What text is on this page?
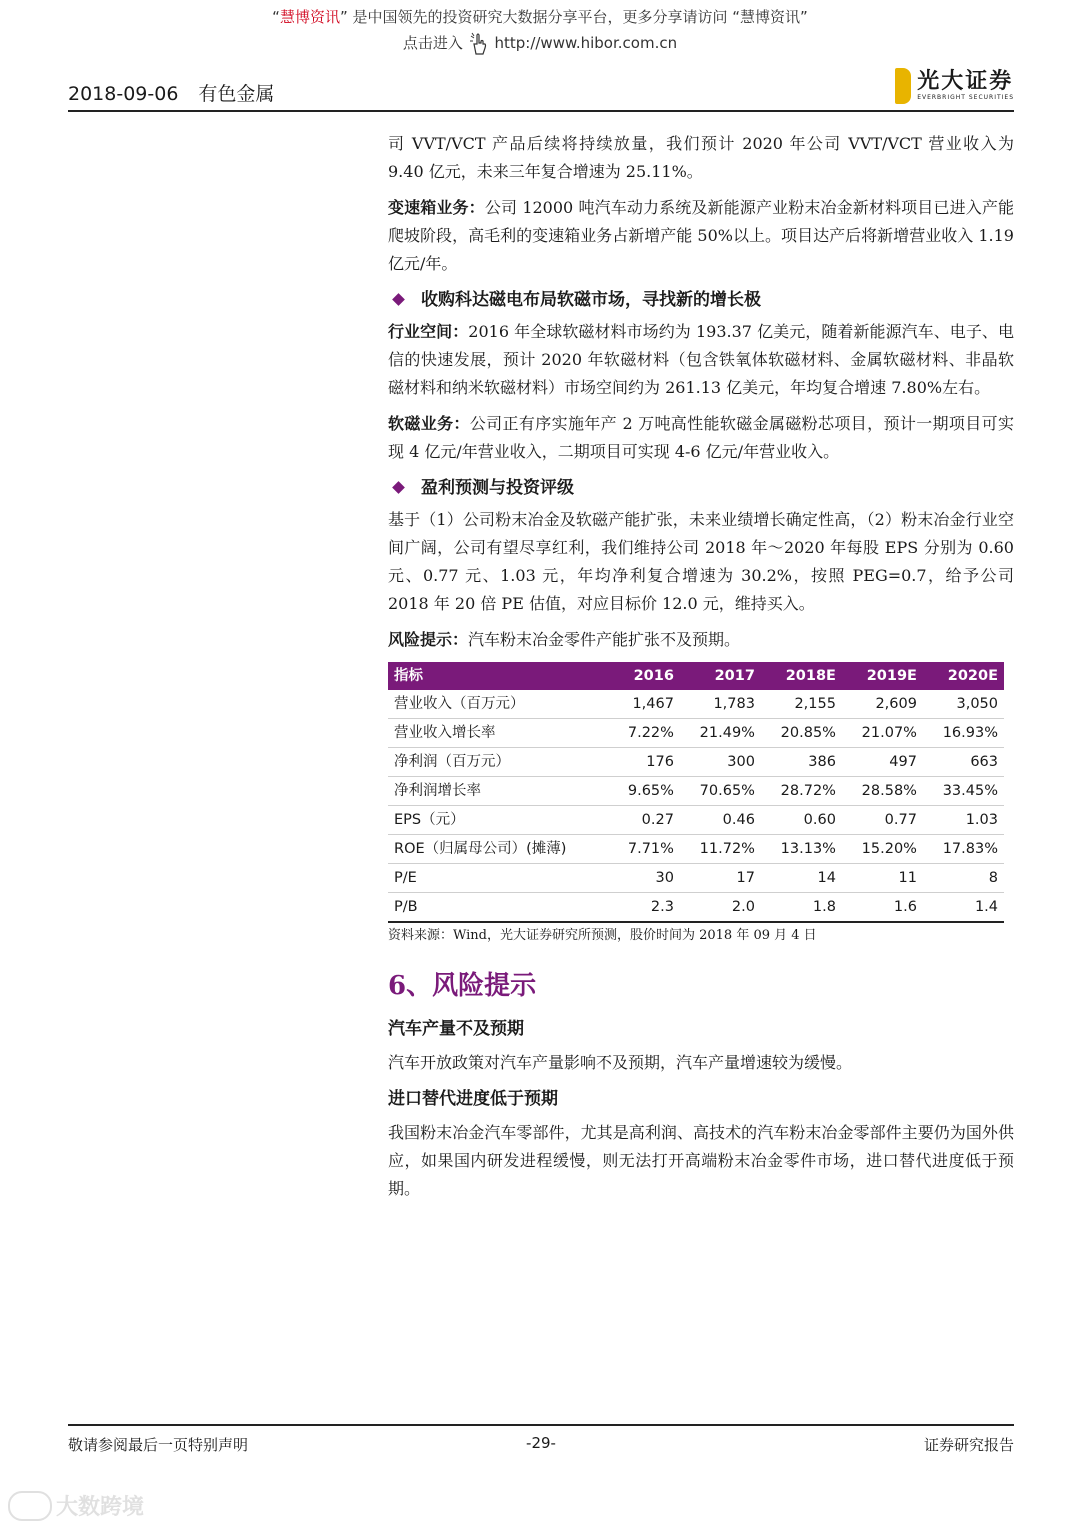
“慧博资讯” 是中国领先的投资研究大数据分享平台，更多分享请访问 “慧博资讯”
点击进入 http://www.hibor.com.cn
2018-09-06 有色金属	光大证券
EVERBRIGHT SECURITIES

司 VVT/VCT 产品后续将持续放量，我们预计 2020 年公司 VVT/VCT 营业收入为 9.40 亿元，未来三年复合增速为 25.11%。

变速箱业务：公司 12000 吨汽车动力系统及新能源产业粉末冶金新材料项目已进入产能爬坡阶段，高毛利的变速箱业务占新增产能 50%以上。项目达产后将新增营业收入 1.19 亿元/年。

收购科达磁电布局软磁市场，寻找新的增长极

行业空间：2016 年全球软磁材料市场约为 193.37 亿美元，随着新能源汽车、电子、电信的快速发展，预计 2020 年软磁材料（包含铁氧体软磁材料、金属软磁材料、非晶软磁材料和纳米软磁材料）市场空间约为 261.13 亿美元，年均复合增速 7.80%左右。

软磁业务：公司正有序实施年产 2 万吨高性能软磁金属磁粉芯项目，预计一期项目可实现 4 亿元/年营业收入，二期项目可实现 4-6 亿元/年营业收入。

盈利预测与投资评级

基于（1）公司粉末冶金及软磁产能扩张，未来业绩增长确定性高，（2）粉末冶金行业空间广阔，公司有望尽享红利，我们维持公司 2018 年～2020 年每股 EPS 分别为 0.60 元、0.77 元、1.03 元，年均净利复合增速为 30.2%，按照 PEG=0.7，给予公司 2018 年 20 倍 PE 估值，对应目标价 12.0 元，维持买入。

风险提示：汽车粉末冶金零件产能扩张不及预期。

指标	2016	2017	2018E	2019E	2020E
营业收入（百万元）	1,467	1,783	2,155	2,609	3,050
营业收入增长率	7.22%	21.49%	20.85%	21.07%	16.93%
净利润（百万元）	176	300	386	497	663
净利润增长率	9.65%	70.65%	28.72%	28.58%	33.45%
EPS（元）	0.27	0.46	0.60	0.77	1.03
ROE（归属母公司）(摊薄)	7.71%	11.72%	13.13%	15.20%	17.83%
P/E	30	17	14	11	8
P/B	2.3	2.0	1.8	1.6	1.4

资料来源：Wind，光大证券研究所预测，股价时间为 2018 年 09 月 4 日

6、风险提示

汽车产量不及预期

汽车开放政策对汽车产量影响不及预期，汽车产量增速较为缓慢。

进口替代进度低于预期

我国粉末冶金汽车零部件，尤其是高利润、高技术的汽车粉末冶金零部件主要仍为国外供应，如果国内研发进程缓慢，则无法打开高端粉末冶金零件市场，进口替代进度低于预期。

敬请参阅最后一页特别声明	-29-	证券研究报告
大数跨境
